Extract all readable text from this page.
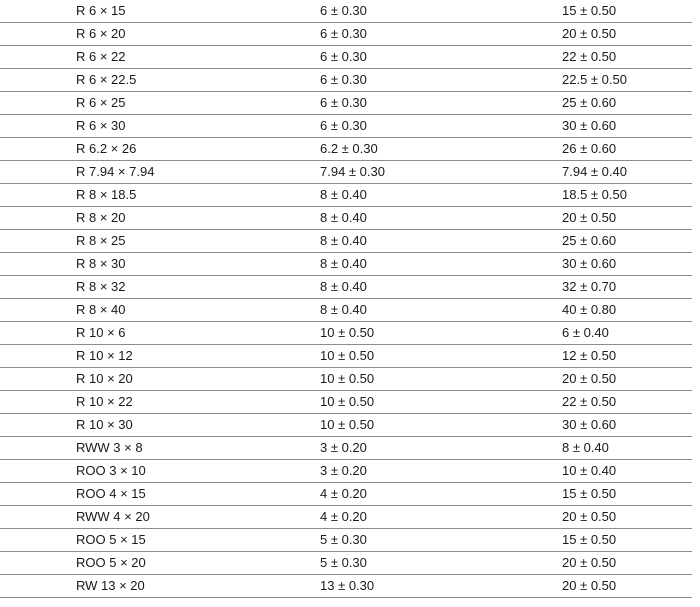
R 6 × 15	6 ± 0.30	15 ± 0.50
R 6 × 20	6 ± 0.30	20 ± 0.50
R 6 × 22	6 ± 0.30	22 ± 0.50
R 6 × 22.5	6 ± 0.30	22.5 ± 0.50
R 6 × 25	6 ± 0.30	25 ± 0.60
R 6 × 30	6 ± 0.30	30 ± 0.60
R 6.2 × 26	6.2 ± 0.30	26 ± 0.60
R 7.94 × 7.94	7.94 ± 0.30	7.94 ± 0.40
R 8 × 18.5	8 ± 0.40	18.5 ± 0.50
R 8 × 20	8 ± 0.40	20 ± 0.50
R 8 × 25	8 ± 0.40	25 ± 0.60
R 8 × 30	8 ± 0.40	30 ± 0.60
R 8 × 32	8 ± 0.40	32 ± 0.70
R 8 × 40	8 ± 0.40	40 ± 0.80
R 10 × 6	10 ± 0.50	6 ± 0.40
R 10 × 12	10 ± 0.50	12 ± 0.50
R 10 × 20	10 ± 0.50	20 ± 0.50
R 10 × 22	10 ± 0.50	22 ± 0.50
R 10 × 30	10 ± 0.50	30 ± 0.60
RWW 3 × 8	3 ± 0.20	8 ± 0.40
ROO 3 × 10	3 ± 0.20	10 ± 0.40
ROO 4 × 15	4 ± 0.20	15 ± 0.50
RWW 4 × 20	4 ± 0.20	20 ± 0.50
ROO 5 × 15	5 ± 0.30	15 ± 0.50
ROO 5 × 20	5 ± 0.30	20 ± 0.50
RW 13 × 20	13 ± 0.30	20 ± 0.50
